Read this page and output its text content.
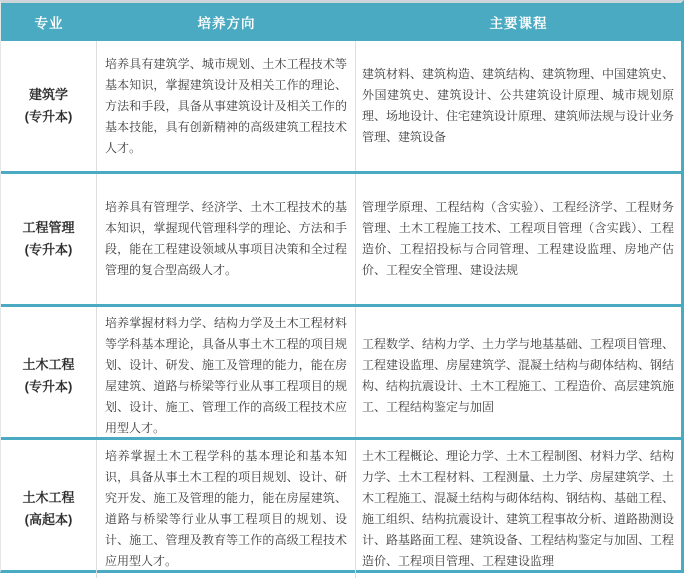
专业	培养方向	主要课程
建筑学
(专升本)
培养具有建筑学、城市规划、土木工程技术等基本知识，掌握建筑设计及相关工作的理论、方法和手段，具备从事建筑设计及相关工作的基本技能，具有创新精神的高级建筑工程技术人才。
建筑材料、建筑构造、建筑结构、建筑物理、中国建筑史、外国建筑史、建筑设计、公共建筑设计原理、城市规划原理、场地设计、住宅建筑设计原理、建筑师法规与设计业务管理、建筑设备
工程管理
(专升本)
培养具有管理学、经济学、土木工程技术的基本知识，掌握现代管理科学的理论、方法和手段，能在工程建设领域从事项目决策和全过程管理的复合型高级人才。
管理学原理、工程结构（含实验）、工程经济学、工程财务管理、土木工程施工技术、工程项目管理（含实践）、工程造价、工程招投标与合同管理、工程建设监理、房地产估价、工程安全管理、建设法规
土木工程
(专升本)
培养掌握材料力学、结构力学及土木工程材料等学科基本理论，具备从事土木工程的项目规划、设计、研发、施工及管理的能力，能在房屋建筑、道路与桥梁等行业从事工程项目的规划、设计、施工、管理工作的高级工程技术应用型人才。
工程数学、结构力学、土力学与地基基础、工程项目管理、工程建设监理、房屋建筑学、混凝土结构与砌体结构、钢结构、结构抗震设计、土木工程施工、工程造价、高层建筑施工、工程结构鉴定与加固
土木工程
(高起本)
培养掌握土木工程学科的基本理论和基本知识，具备从事土木工程的项目规划、设计、研究开发、施工及管理的能力，能在房屋建筑、道路与桥梁等行业从事工程项目的规划、设计、施工、管理及教育等工作的高级工程技术应用型人才。
土木工程概论、理论力学、土木工程制图、材料力学、结构力学、土木工程材料、工程测量、土力学、房屋建筑学、土木工程施工、混凝土结构与砌体结构、钢结构、基础工程、施工组织、结构抗震设计、建筑工程事故分析、道路勘测设计、路基路面工程、建筑设备、工程结构鉴定与加固、工程造价、工程项目管理、工程建设监理
